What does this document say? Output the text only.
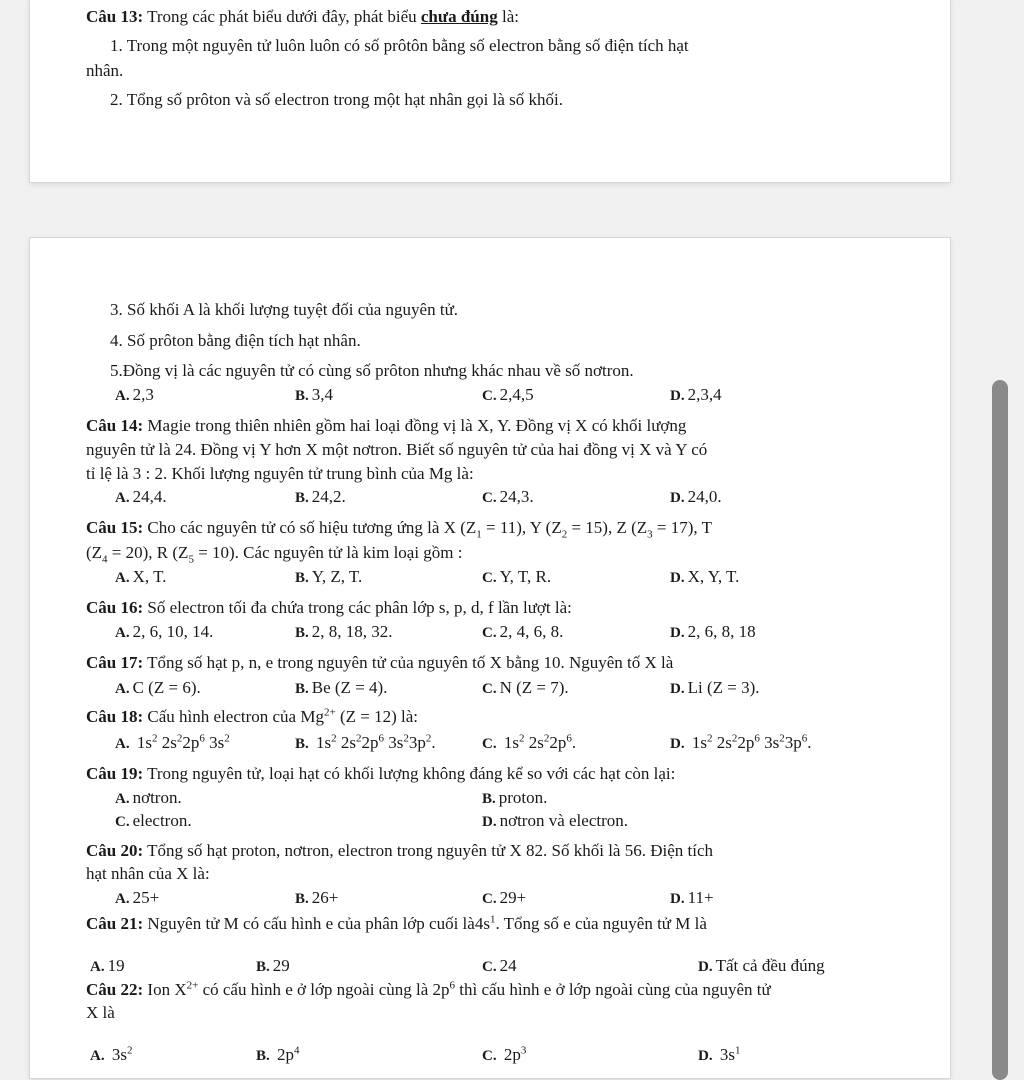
Câu 13: Trong các phát biểu dưới đây, phát biểu chưa đúng là:
1. Trong một nguyên tử luôn luôn có số prôtôn bằng số electron bằng số điện tích hạt
nhân.
2. Tổng số prôton và số electron trong một hạt nhân gọi là số khối.
3. Số khối A là khối lượng tuyệt đối của nguyên tử.
4. Số prôton bằng điện tích hạt nhân.
5.Đồng vị là các nguyên tử có cùng số prôton nhưng khác nhau về số nơtron.
A. 2,3	B. 3,4	C. 2,4,5	D. 2,3,4
Câu 14: Magie trong thiên nhiên gồm hai loại đồng vị là X, Y. Đồng vị X có khối lượng
nguyên tử là 24. Đồng vị Y hơn X một nơtron. Biết số nguyên tử của hai đồng vị X và Y có
tỉ lệ là 3 : 2. Khối lượng nguyên tử trung bình của Mg là:
A. 24,4.	B. 24,2.	C. 24,3.	D. 24,0.
Câu 15: Cho các nguyên tử có số hiệu tương ứng là X $(Z_1 = 11)$, Y $(Z_2 = 15)$, Z $(Z_3 = 17)$, T
$(Z_4 = 20)$, R $(Z_5 = 10)$. Các nguyên tử là kim loại gồm :
A. X, T.	B. Y, Z, T.	C. Y, T, R.	D. X, Y, T.
Câu 16: Số electron tối đa chứa trong các phân lớp s, p, d, f lần lượt là:
A. 2, 6, 10, 14.	B. 2, 8, 18, 32.	C. 2, 4, 6, 8.	D. 2, 6, 8, 18
Câu 17: Tổng số hạt p, n, e trong nguyên tử của nguyên tố X bằng 10. Nguyên tố X là
A. C (Z = 6).	B. Be (Z = 4).	C. N (Z = 7).	D. Li (Z = 3).
Câu 18: Cấu hình electron của $Mg^{2+}$ (Z = 12) là:
A. $1s^2$ $2s^22p^6$ $3s^2$	B. $1s^2$ $2s^22p^6$ $3s^23p^2$.	C. $1s^2$ $2s^22p^6$.	D. $1s^2$ $2s^22p^6$ $3s^23p^6$.
Câu 19: Trong nguyên tử, loại hạt có khối lượng không đáng kể so với các hạt còn lại:
A. nơtron.	B. proton.
C. electron.	D. nơtron và electron.
Câu 20: Tổng số hạt proton, nơtron, electron trong nguyên tử X 82. Số khối là 56. Điện tích
hạt nhân của X là:
A. 25+	B. 26+	C. 29+	D. 11+
Câu 21: Nguyên tử M có cấu hình e của phân lớp cuối $là4s^1$. Tổng số e của nguyên tử M là
A. 19	B. 29	C. 24	D. Tất cả đều đúng
Câu 22: Ion $X^{2+}$ có cấu hình e ở lớp ngoài cùng là $2p^6$ thì cấu hình e ở lớp ngoài cùng của nguyên tử
X là
A. $3s^2$	B. $2p^4$	C. $2p^3$	D. $3s^1$
